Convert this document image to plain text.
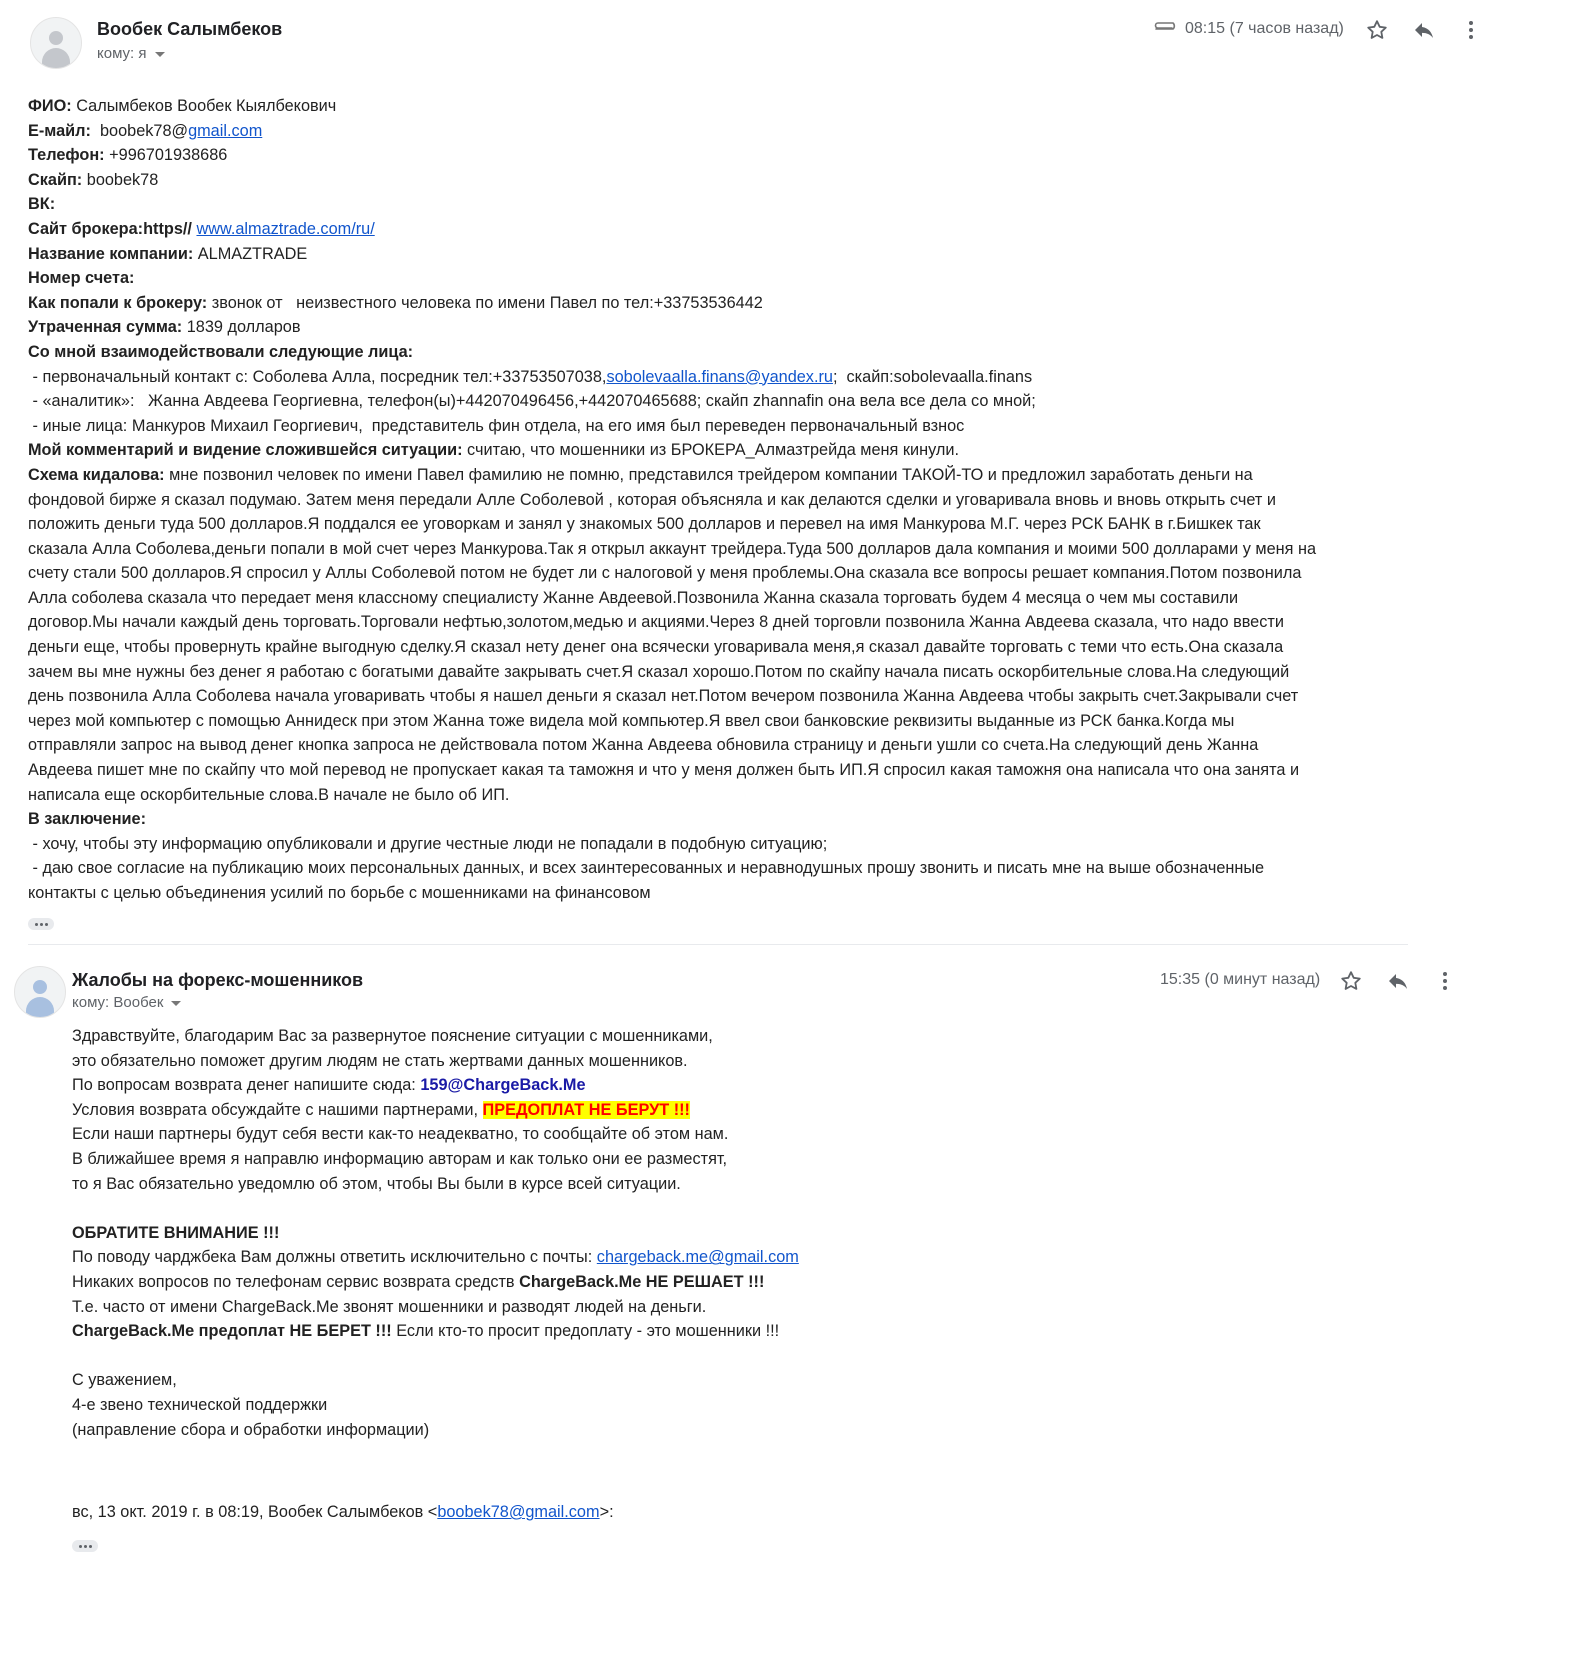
Boобек Салымбеков
кому: я
08:15 (7 часов назад)
ФИО: Салымбеков Boобек Кыялбекович
Е-майл:  boobek78@gmail.com
Телефон: +996701938686
Скайп: boobek78
ВК:
Сайт брокера:https// www.almaztrade.com/ru/
Название компании: ALMAZTRADE
Номер счета:
Как попали к брокеру: звонок от   неизвестного человека по имени Павел по тел:+33753536442
Утраченная сумма: 1839 долларов
Со мной взаимодействовали следующие лица:
- первоначальный контакт с: Соболева Алла, посредник тел:+33753507038,sobolevaalla.finans@yandex.ru;  скайп:sobolevaalla.finans
- «аналитик»:   Жанна Авдеева Георгиевна, телефон(ы)+442070496456,+442070465688; скайп zhannafin она вела все дела со мной;
- иные лица: Манкуров Михаил Георгиевич,  представитель фин отдела, на его имя был переведен первоначальный взнос
Мой комментарий и видение сложившейся ситуации: считаю, что мошенники из БРОКЕРА_Алмазтрейда меня кинули.
Схема кидалова: мне позвонил человек по имени Павел фамилию не помню, представился трейдером компании ТАКОЙ-ТО и предложил заработать деньги на
фондовой бирже я сказал подумаю. Затем меня передали Алле Соболевой , которая объясняла и как делаются сделки и уговаривала вновь и вновь открыть счет и
положить деньги туда 500 долларов.Я поддался ее уговоркам и занял у знакомых 500 долларов и перевел на имя Манкурова М.Г. через РСК БАНК в г.Бишкек так
сказала Алла Соболева,деньги попали в мой счет через Манкурова.Так я открыл аккаунт трейдера.Туда 500 долларов дала компания и моими 500 долларами у меня на
счету стали 500 долларов.Я спросил у Аллы Соболевой потом не будет ли с налоговой у меня проблемы.Она сказала все вопросы решает компания.Потом позвонила
Алла соболева сказала что передает меня классному специалисту Жанне Авдеевой.Позвонила Жанна сказала торговать будем 4 месяца о чем мы составили
договор.Мы начали каждый день торговать.Торговали нефтью,золотом,медью и акциями.Через 8 дней торговли позвонила Жанна Авдеева сказала, что надо ввести
деньги еще, чтобы провернуть крайне выгодную сделку.Я сказал нету денег она всячески уговаривала меня,я сказал давайте торговать с теми что есть.Она сказала
зачем вы мне нужны без денег я работаю с богатыми давайте закрывать счет.Я сказал хорошо.Потом по скайпу начала писать оскорбительные слова.На следующий
день позвонила Алла Соболева начала уговаривать чтобы я нашел деньги я сказал нет.Потом вечером позвонила Жанна Авдеева чтобы закрыть счет.Закрывали счет
через мой компьютер с помощью Аннидеск при этом Жанна тоже видела мой компьютер.Я ввел свои банковские реквизиты выданные из РСК банка.Когда мы
отправляли запрос на вывод денег кнопка запроса не действовала потом Жанна Авдеева обновила страницу и деньги ушли со счета.На следующий день Жанна
Авдеева пишет мне по скайпу что мой перевод не пропускает какая та таможня и что у меня должен быть ИП.Я спросил какая таможня она написала что она занята и
написала еще оскорбительные слова.В начале не было об ИП.
В заключение:
- хочу, чтобы эту информацию опубликовали и другие честные люди не попадали в подобную ситуацию;
- даю свое согласие на публикацию моих персональных данных, и всех заинтересованных и неравнодушных прошу звонить и писать мне на выше обозначенные
контакты с целью объединения усилий по борьбе с мошенниками на финансовом
Жалобы на форекс-мошенников
кому: Boобек
15:35 (0 минут назад)
Здравствуйте, благодарим Вас за развернутое пояснение ситуации с мошенниками,
это обязательно поможет другим людям не стать жертвами данных мошенников.
По вопросам возврата денег напишите сюда: 159@ChargeBack.Me
Условия возврата обсуждайте с нашими партнерами, ПРЕДОПЛАТ НЕ БЕРУТ !!!
Если наши партнеры будут себя вести как-то неадекватно, то сообщайте об этом нам.
В ближайшее время я направлю информацию авторам и как только они ее разместят,
то я Вас обязательно уведомлю об этом, чтобы Вы были в курсе всей ситуации.
ОБРАТИТЕ ВНИМАНИЕ !!!
По поводу чарджбека Вам должны ответить исключительно с почты: chargeback.me@gmail.com
Никаких вопросов по телефонам сервис возврата средств ChargeBack.Me НЕ РЕШАЕТ !!!
Т.е. часто от имени ChargeBack.Me звонят мошенники и разводят людей на деньги.
ChargeBack.Me предоплат НЕ БЕРЕТ !!! Если кто-то просит предоплату - это мошенники !!!
С уважением,
4-е звено технической поддержки
(направление сбора и обработки информации)
вс, 13 окт. 2019 г. в 08:19, Boобек Салымбеков <boobek78@gmail.com>:
